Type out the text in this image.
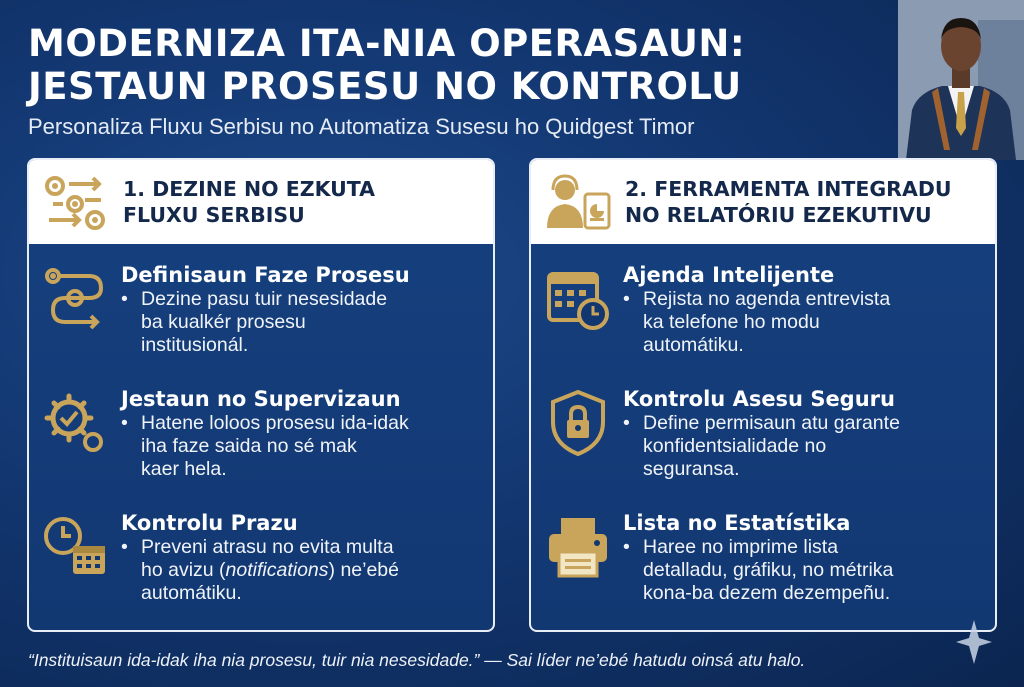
MODERNIZA ITA-NIA OPERASAUN:
JESTAUN PROSESU NO KONTROLU
Personaliza Fluxu Serbisu no Automatiza Susesu ho Quidgest Timor
1. DEZINE NO EZKUTA
FLUXU SERBISU
Definisaun Faze Prosesu
• Dezine pasu tuir nesesidade
ba kualkér prosesu
institusionál.
Jestaun no Supervizaun
• Hatene loloos prosesu ida-idak
iha faze saida no sé mak
kaer hela.
Kontrolu Prazu
• Preveni atrasu no evita multa
ho avizu (notifications) ne’ebé
automátiku.
2. FERRAMENTA INTEGRADU
NO RELATÓRIU EZEKUTIVU
Ajenda Intelijente
• Rejista no agenda entrevista
ka telefone ho modu
automátiku.
Kontrolu Asesu Seguru
• Define permisaun atu garante
konfidentsialidade no
seguransa.
Lista no Estatístika
• Haree no imprime lista
detalladu, gráfiku, no métrika
kona-ba dezem dezempeñu.
“Instituisaun ida-idak iha nia prosesu, tuir nia nesesidade.” — Sai líder ne’ebé hatudu oinsá atu halo.
